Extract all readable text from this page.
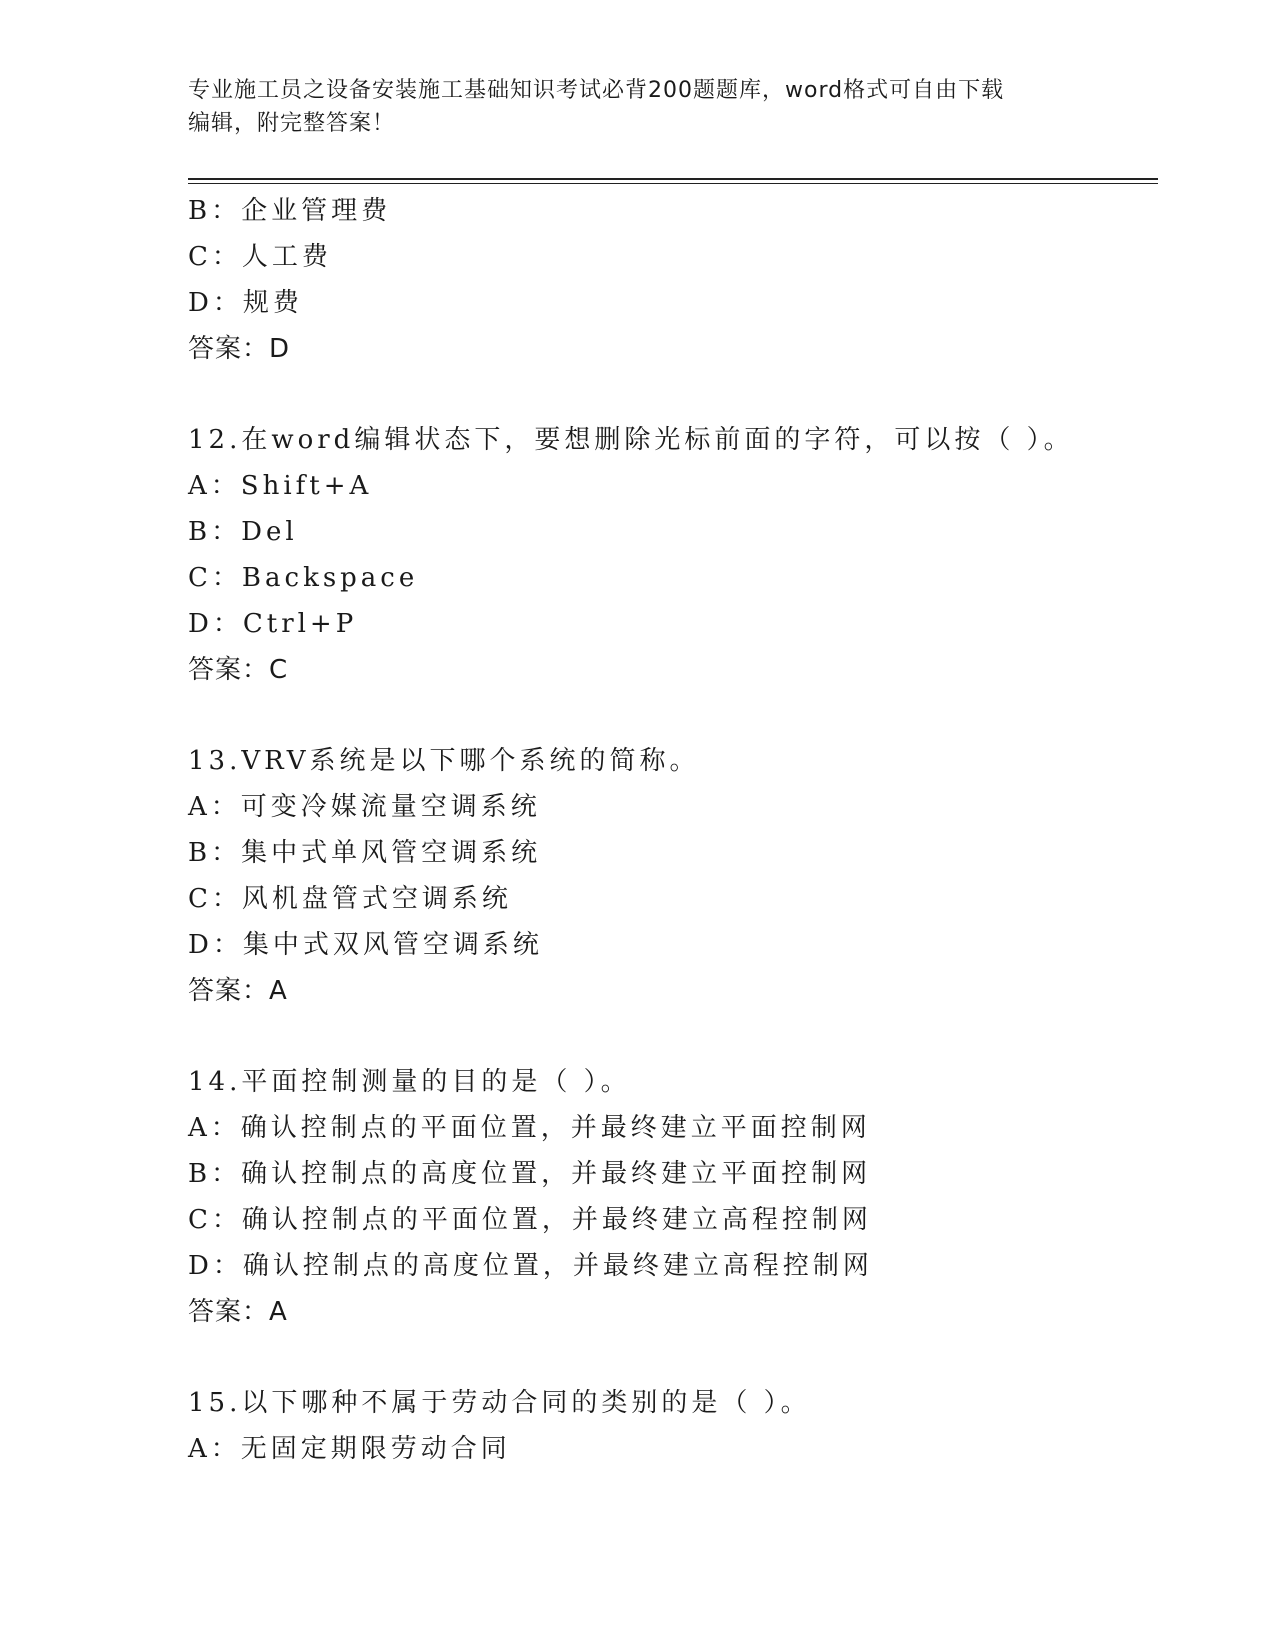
专业施工员之设备安装施工基础知识考试必背200题题库，word格式可自由下载
编辑，附完整答案！
B：企业管理费
C：人工费
D：规费
答案：D
12.在word编辑状态下，要想删除光标前面的字符，可以按（ ）。
A：Shift+A
B：Del
C：Backspace
D：Ctrl+P
答案：C
13.VRV系统是以下哪个系统的简称。
A：可变冷媒流量空调系统
B：集中式单风管空调系统
C：风机盘管式空调系统
D：集中式双风管空调系统
答案：A
14.平面控制测量的目的是（ ）。
A：确认控制点的平面位置，并最终建立平面控制网
B：确认控制点的高度位置，并最终建立平面控制网
C：确认控制点的平面位置，并最终建立高程控制网
D：确认控制点的高度位置，并最终建立高程控制网
答案：A
15.以下哪种不属于劳动合同的类别的是（ ）。
A：无固定期限劳动合同
